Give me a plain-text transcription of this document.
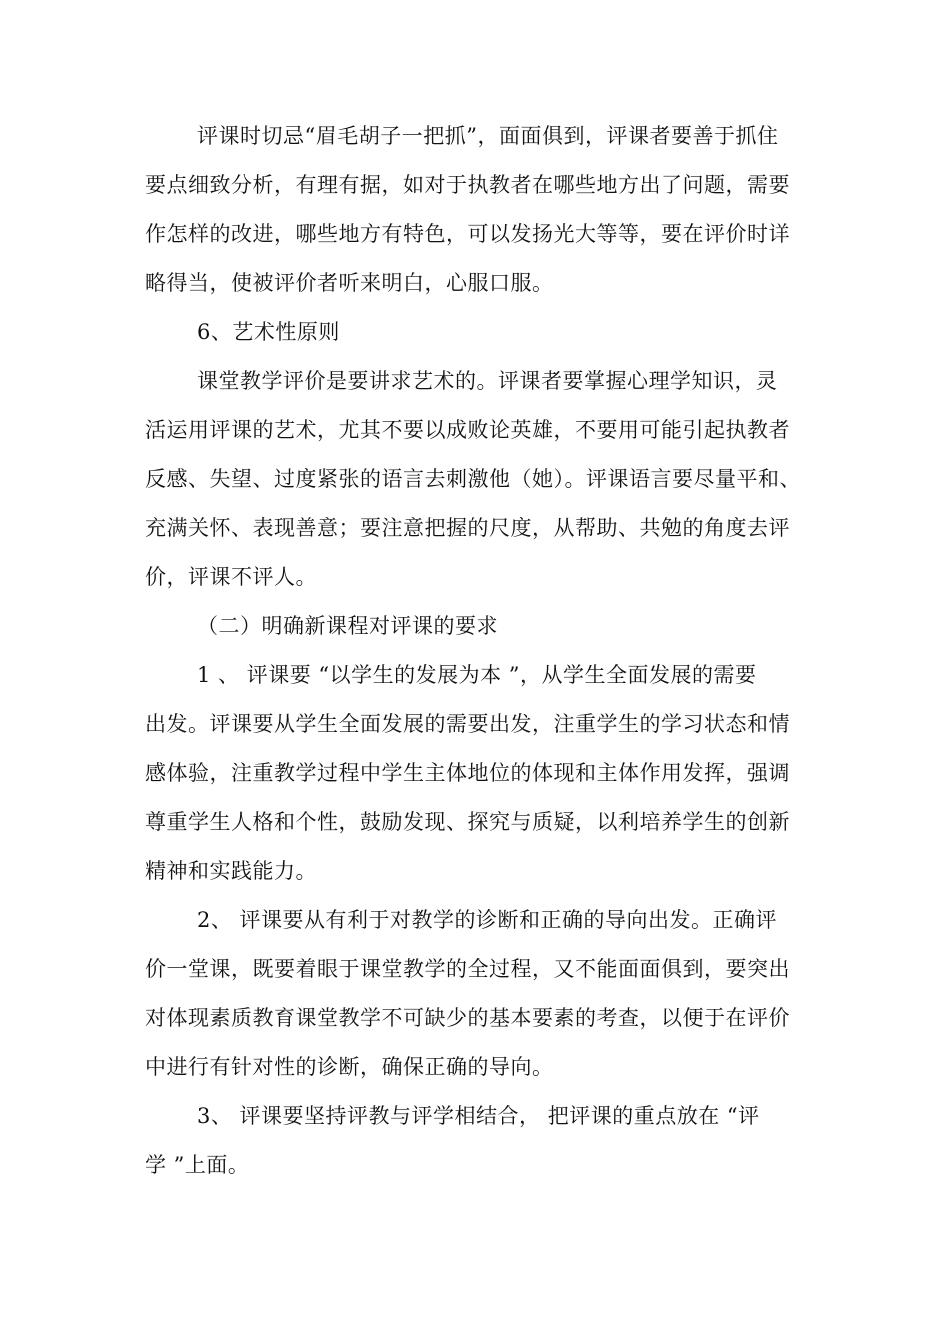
评课时切忌“眉毛胡子一把抓”，面面俱到，评课者要善于抓住
要点细致分析，有理有据，如对于执教者在哪些地方出了问题，需要
作怎样的改进，哪些地方有特色，可以发扬光大等等，要在评价时详
略得当，使被评价者听来明白，心服口服。
6、艺术性原则
课堂教学评价是要讲求艺术的。评课者要掌握心理学知识，灵
活运用评课的艺术，尤其不要以成败论英雄，不要用可能引起执教者
反感、失望、过度紧张的语言去刺激他（她）。评课语言要尽量平和、
充满关怀、表现善意；要注意把握的尺度，从帮助、共勉的角度去评
价，评课不评人。
（二）明确新课程对评课的要求
1 、 评课要 “以学生的发展为本 ”，从学生全面发展的需要
出发。评课要从学生全面发展的需要出发，注重学生的学习状态和情
感体验，注重教学过程中学生主体地位的体现和主体作用发挥，强调
尊重学生人格和个性，鼓励发现、探究与质疑，以利培养学生的创新
精神和实践能力。
2、 评课要从有利于对教学的诊断和正确的导向出发。正确评
价一堂课，既要着眼于课堂教学的全过程，又不能面面俱到，要突出
对体现素质教育课堂教学不可缺少的基本要素的考查，以便于在评价
中进行有针对性的诊断，确保正确的导向。
3、 评课要坚持评教与评学相结合， 把评课的重点放在 “评
学 ”上面。
